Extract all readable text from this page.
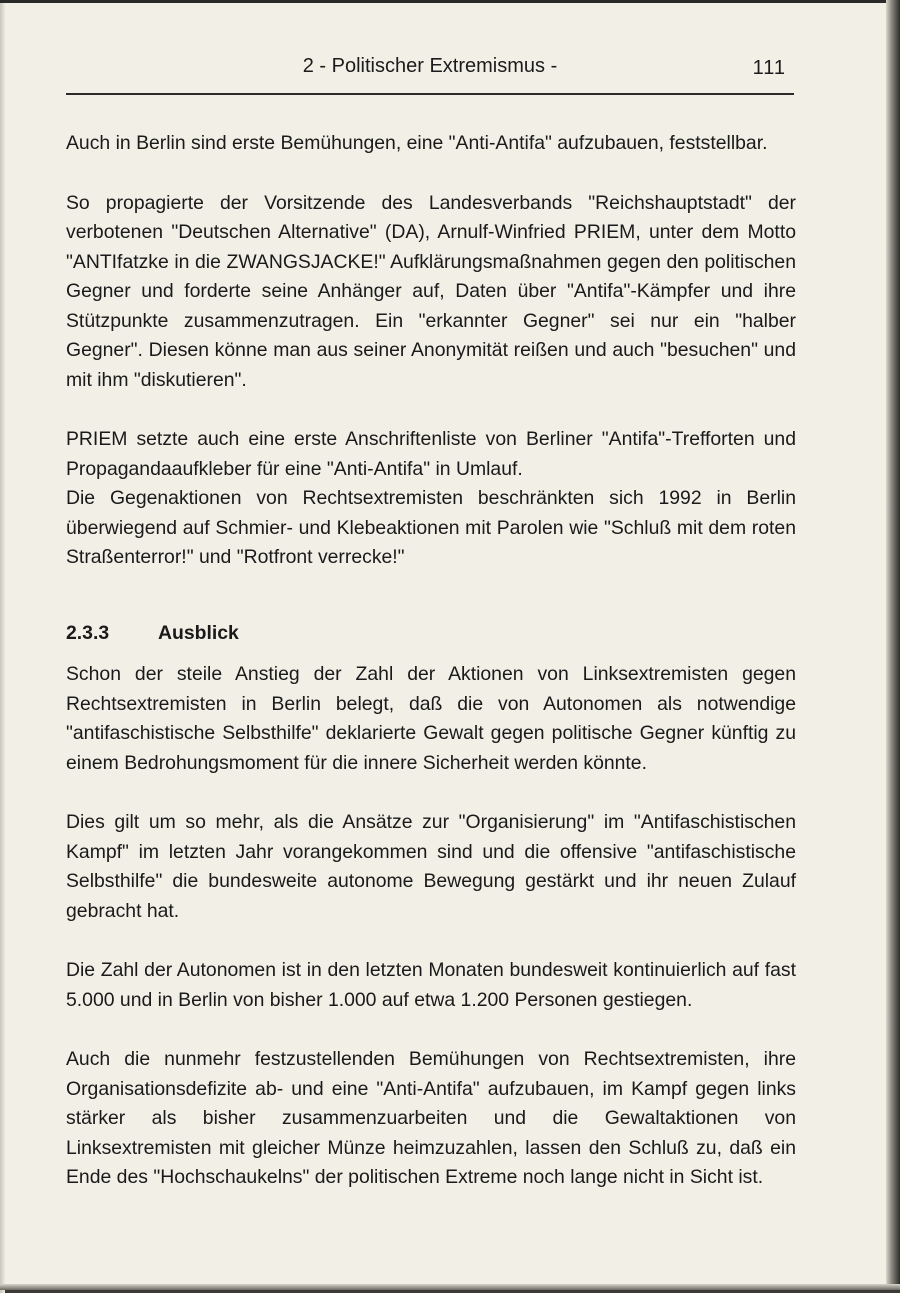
2 - Politischer Extremismus -	111

Auch in Berlin sind erste Bemühungen, eine "Anti-Antifa" aufzubauen, feststellbar.

So propagierte der Vorsitzende des Landesverbands "Reichshauptstadt" der verbotenen "Deutschen Alternative" (DA), Arnulf-Winfried PRIEM, unter dem Motto "ANTIfatzke in die ZWANGSJACKE!" Aufklärungsmaßnahmen gegen den politischen Gegner und forderte seine Anhänger auf, Daten über "Antifa"-Kämpfer und ihre Stützpunkte zusammenzutragen. Ein "erkannter Gegner" sei nur ein "halber Gegner". Diesen könne man aus seiner Anonymität reißen und auch "besuchen" und mit ihm "diskutieren".

PRIEM setzte auch eine erste Anschriftenliste von Berliner "Antifa"-Trefforten und Propagandaaufkleber für eine "Anti-Antifa" in Umlauf.

Die Gegenaktionen von Rechtsextremisten beschränkten sich 1992 in Berlin überwiegend auf Schmier- und Klebeaktionen mit Parolen wie "Schluß mit dem roten Straßenterror!" und "Rotfront verrecke!"

2.3.3	Ausblick

Schon der steile Anstieg der Zahl der Aktionen von Linksextremisten gegen Rechtsextremisten in Berlin belegt, daß die von Autonomen als notwendige "antifaschistische Selbsthilfe" deklarierte Gewalt gegen politische Gegner künftig zu einem Bedrohungsmoment für die innere Sicherheit werden könnte.

Dies gilt um so mehr, als die Ansätze zur "Organisierung" im "Antifaschistischen Kampf" im letzten Jahr vorangekommen sind und die offensive "antifaschistische Selbsthilfe" die bundesweite autonome Bewegung gestärkt und ihr neuen Zulauf gebracht hat.

Die Zahl der Autonomen ist in den letzten Monaten bundesweit kontinuierlich auf fast 5.000 und in Berlin von bisher 1.000 auf etwa 1.200 Personen gestiegen.

Auch die nunmehr festzustellenden Bemühungen von Rechtsextremisten, ihre Organisationsdefizite ab- und eine "Anti-Antifa" aufzubauen, im Kampf gegen links stärker als bisher zusammenzuarbeiten und die Gewaltaktionen von Linksextremisten mit gleicher Münze heimzuzahlen, lassen den Schluß zu, daß ein Ende des "Hochschaukelns" der politischen Extreme noch lange nicht in Sicht ist.
